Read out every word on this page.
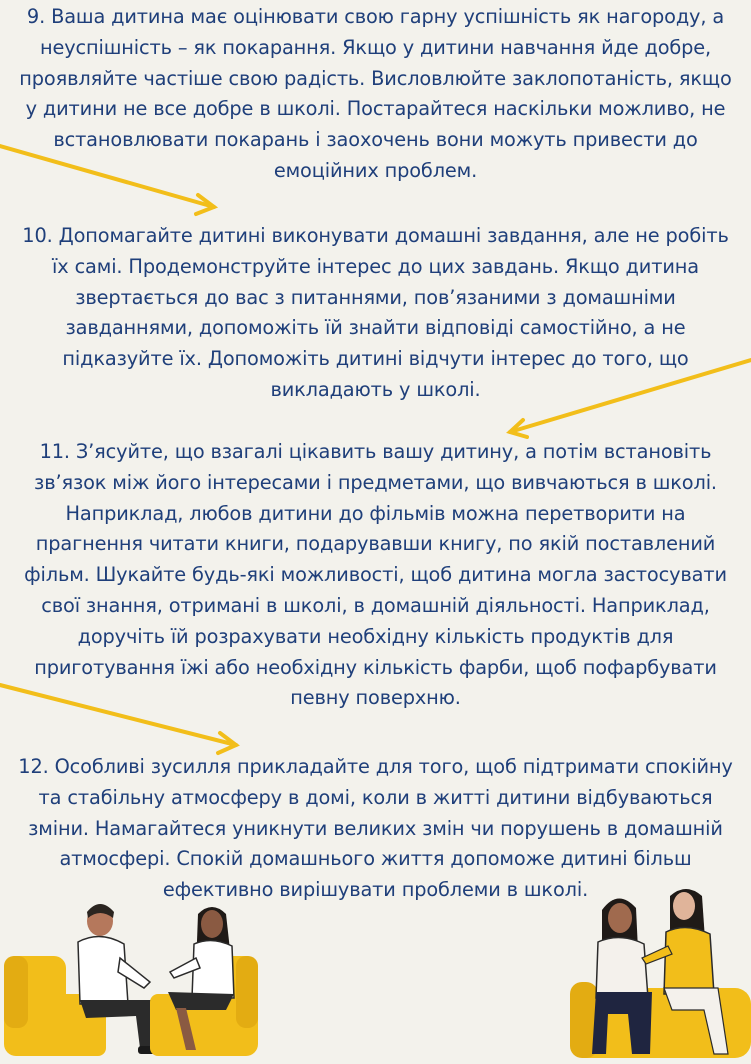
9. Ваша дитина має оцінювати свою гарну успішність як нагороду, а
неуспішність – як покарання. Якщо у дитини навчання йде добре,
проявляйте частіше свою радість. Висловлюйте заклопотаність, якщо
у дитини не все добре в школі. Постарайтеся наскільки можливо, не
встановлювати покарань і заохочень вони можуть привести до
емоційних проблем.
10. Допомагайте дитині виконувати домашні завдання, але не робіть
їх самі. Продемонструйте інтерес до цих завдань. Якщо дитина
звертається до вас з питаннями, пов’язаними з домашніми
завданнями, допоможіть їй знайти відповіді самостійно, а не
підказуйте їх. Допоможіть дитині відчути інтерес до того, що
викладають у школі.
11. З’ясуйте, що взагалі цікавить вашу дитину, а потім встановіть
зв’язок між його інтересами і предметами, що вивчаються в школі.
Наприклад, любов дитини до фільмів можна перетворити на
прагнення читати книги, подарувавши книгу, по якій поставлений
фільм. Шукайте будь-які можливості, щоб дитина могла застосувати
свої знання, отримані в школі, в домашній діяльності. Наприклад,
доручіть їй розрахувати необхідну кількість продуктів для
приготування їжі або необхідну кількість фарби, щоб пофарбувати
певну поверхню.
12. Особливі зусилля прикладайте для того, щоб підтримати спокійну
та стабільну атмосферу в домі, коли в житті дитини відбуваються
зміни. Намагайтеся уникнути великих змін чи порушень в домашній
атмосфері. Спокій домашнього життя допоможе дитині більш
ефективно вирішувати проблеми в школі.
